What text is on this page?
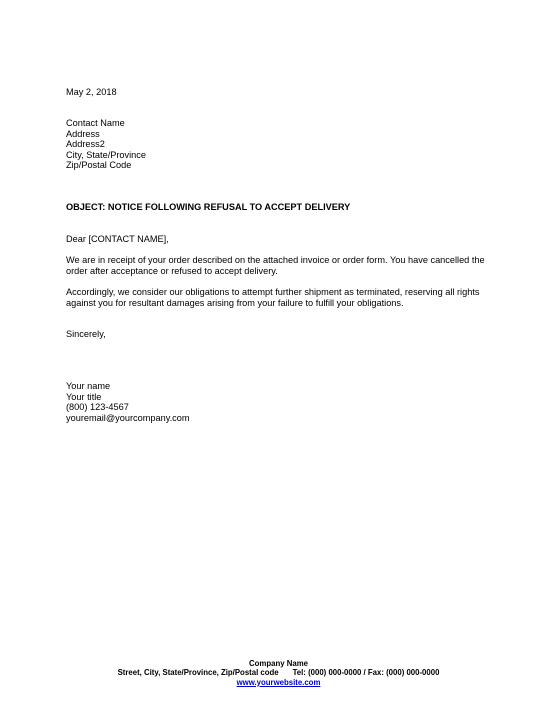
May 2, 2018
Contact Name
Address
Address2
City, State/Province
Zip/Postal Code
OBJECT: NOTICE FOLLOWING REFUSAL TO ACCEPT DELIVERY
Dear [CONTACT NAME],
We are in receipt of your order described on the attached invoice or order form. You have cancelled the order after acceptance or refused to accept delivery.
Accordingly, we consider our obligations to attempt further shipment as terminated, reserving all rights against you for resultant damages arising from your failure to fulfill your obligations.
Sincerely,
Your name
Your title
(800) 123-4567
youremail@yourcompany.com
Company Name
Street, City, State/Province, Zip/Postal code Tel: (000) 000-0000 / Fax: (000) 000-0000
www.yourwebsite.com
